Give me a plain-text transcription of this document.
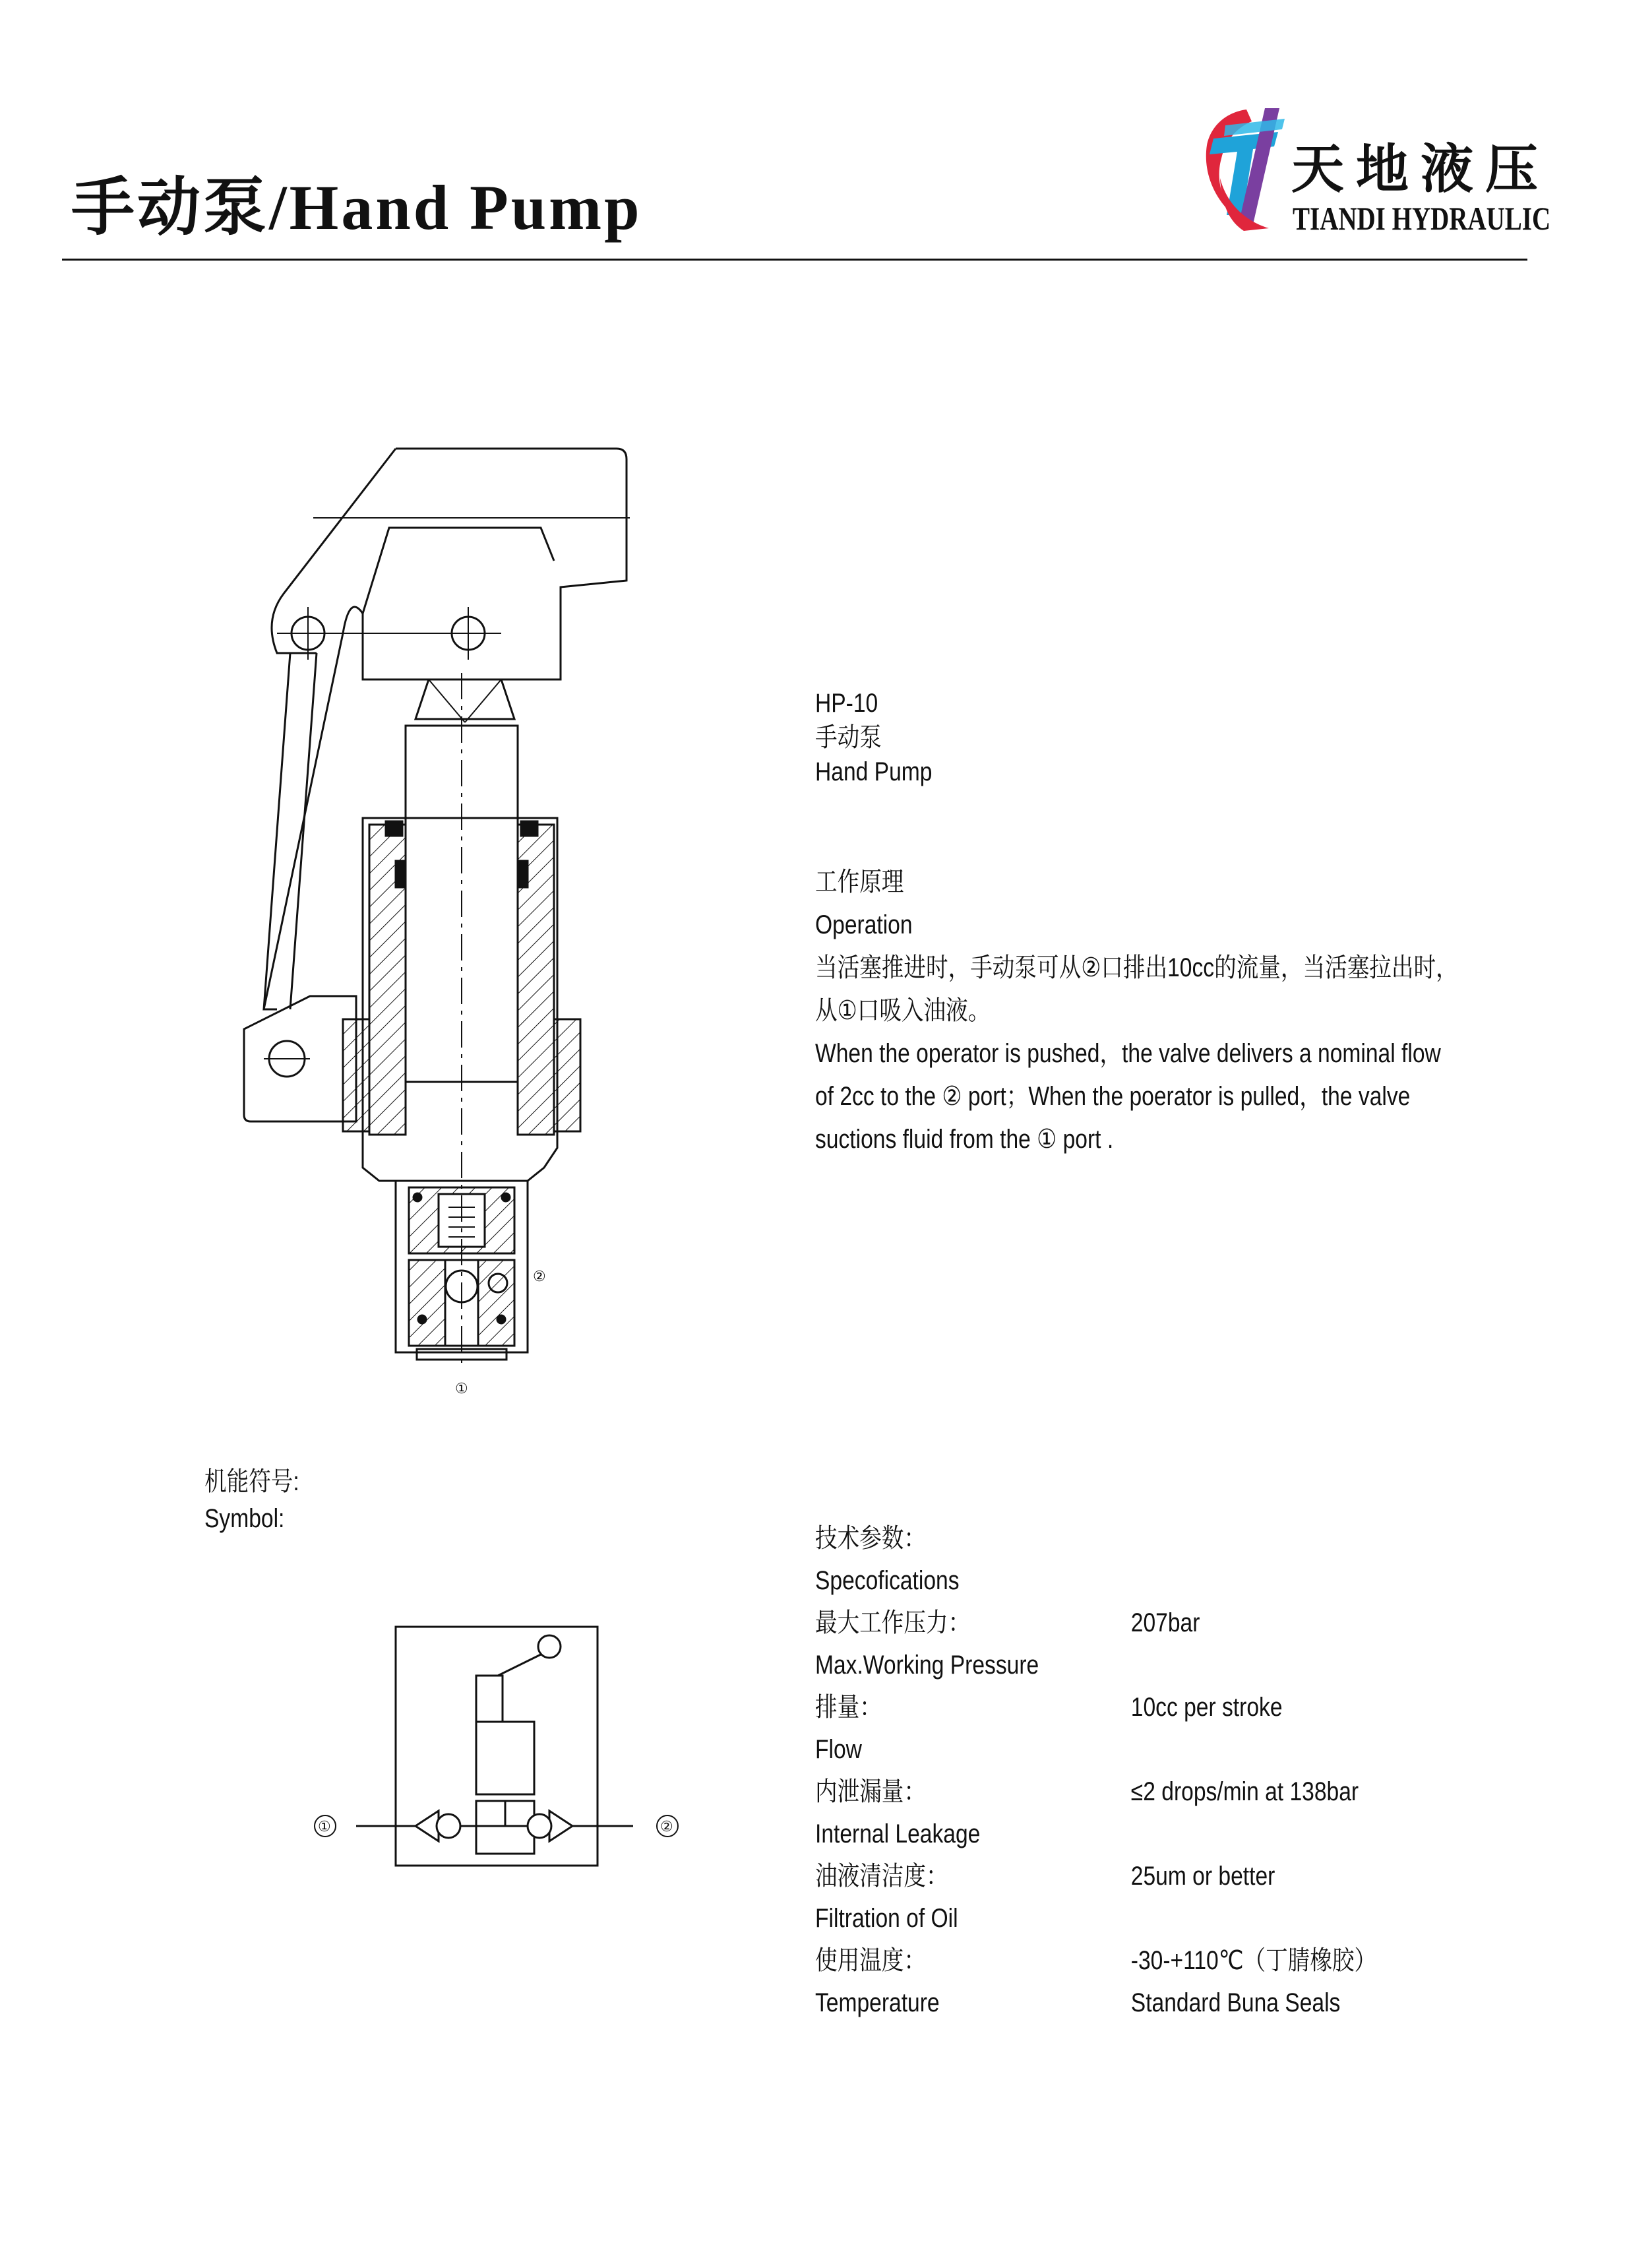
手动泵/Hand Pump
天地液压
TIANDI HYDRAULIC
②
①
HP-10
手动泵
Hand Pump
工作原理
Operation
当活塞推进时，手动泵可从②口排出10cc的流量，当活塞拉出时，
从①口吸入油液。
When the operator is pushed，the valve delivers a nominal flow
of 2cc to the ② port；When the poerator is pulled，the valve
suctions fluid from the ① port .
机能符号:
Symbol:
①	②
技术参数：
Specofications
最大工作压力：	207bar
Max.Working Pressure
排量：	10cc per stroke
Flow
内泄漏量：	≤2 drops/min at 138bar
Internal Leakage
油液清洁度：	25um or better
Filtration of Oil
使用温度：	-30-+110℃（丁腈橡胶）
Temperature	Standard Buna Seals
